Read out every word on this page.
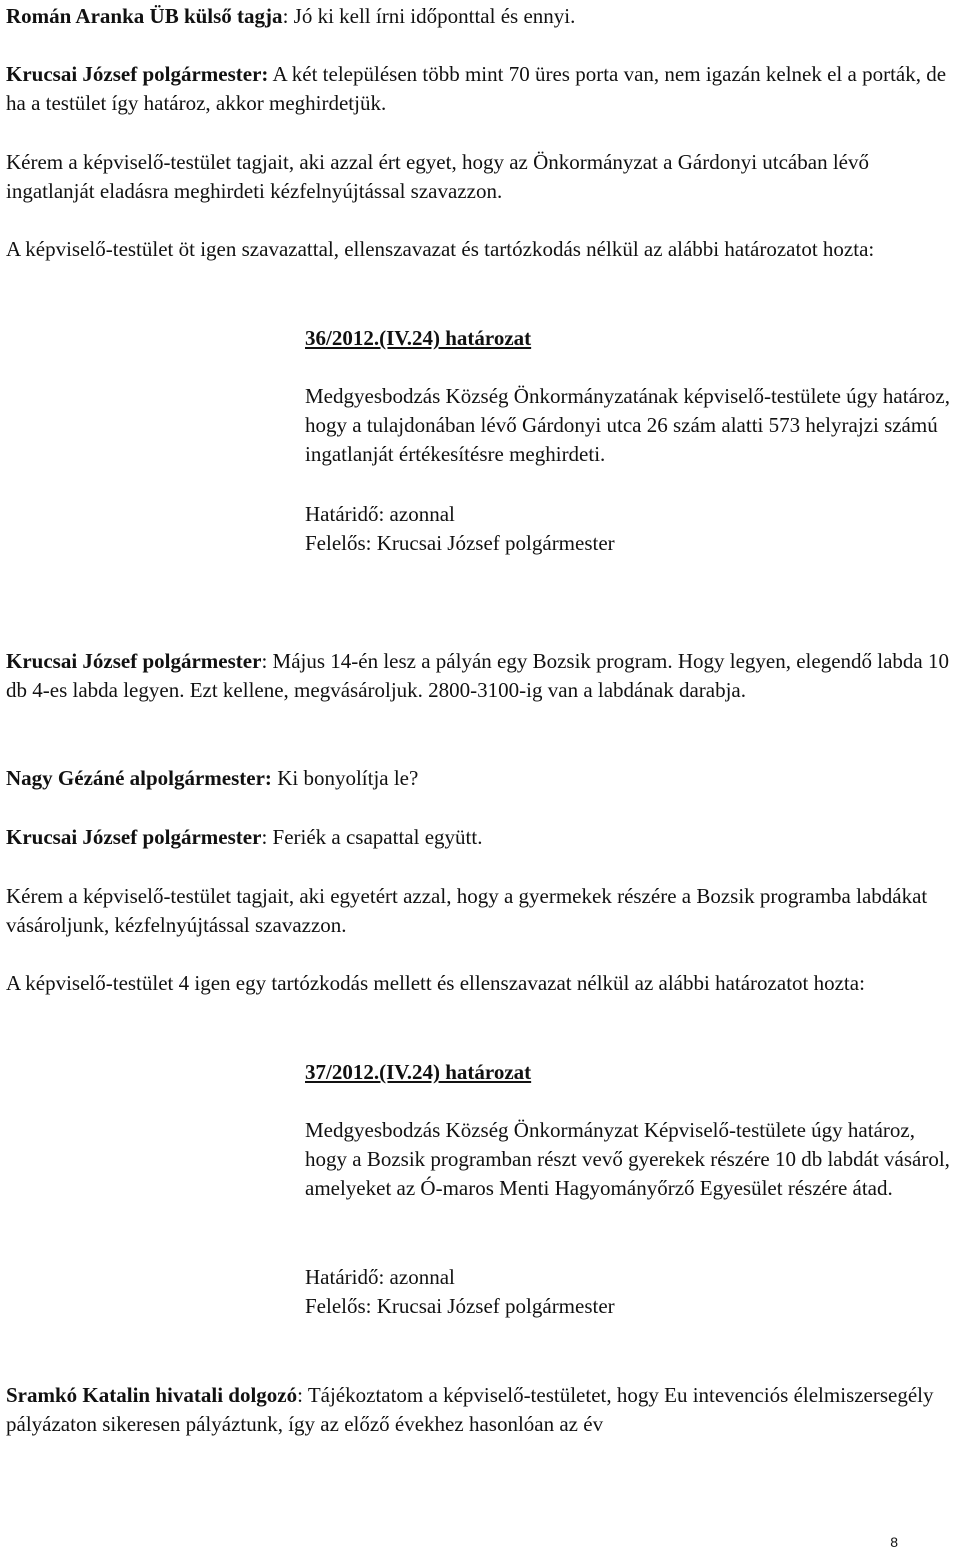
Román Aranka ÜB külső tagja: Jó ki kell írni időponttal és ennyi.

Krucsai József polgármester: A két településen több mint 70 üres porta van, nem igazán kelnek el a porták, de ha a testület így határoz, akkor meghirdetjük.

Kérem a képviselő-testület tagjait, aki azzal ért egyet, hogy az Önkormányzat a Gárdonyi utcában lévő ingatlanját eladásra meghirdeti kézfelnyújtással szavazzon.

A képviselő-testület öt igen szavazattal, ellenszavazat és tartózkodás nélkül az alábbi határozatot hozta:

36/2012.(IV.24) határozat

Medgyesbodzás Község Önkormányzatának képviselő-testülete úgy határoz, hogy a tulajdonában lévő Gárdonyi utca 26 szám alatti 573 helyrajzi számú ingatlanját értékesítésre meghirdeti.

Határidő: azonnal

Felelős: Krucsai József polgármester

Krucsai József polgármester: Május 14-én lesz a pályán egy Bozsik program. Hogy legyen, elegendő labda 10 db 4-es labda legyen. Ezt kellene, megvásároljuk. 2800-3100-ig van a labdának darabja.

Nagy Gézáné alpolgármester: Ki bonyolítja le?

Krucsai József polgármester: Feriék a csapattal együtt.

Kérem a képviselő-testület tagjait, aki egyetért azzal, hogy a gyermekek részére a Bozsik programba labdákat vásároljunk, kézfelnyújtással szavazzon.

A képviselő-testület 4 igen egy tartózkodás mellett és ellenszavazat nélkül az alábbi határozatot hozta:

37/2012.(IV.24) határozat

Medgyesbodzás Község Önkormányzat Képviselő-testülete úgy határoz, hogy a Bozsik programban részt vevő gyerekek részére 10 db labdát vásárol, amelyeket az Ó-maros Menti Hagyományőrző Egyesület részére átad.

Határidő: azonnal

Felelős: Krucsai József polgármester

Sramkó Katalin hivatali dolgozó: Tájékoztatom a képviselő-testületet, hogy Eu intevenciós élelmiszersegély pályázaton sikeresen pályáztunk, így az előző évekhez hasonlóan az év

8
